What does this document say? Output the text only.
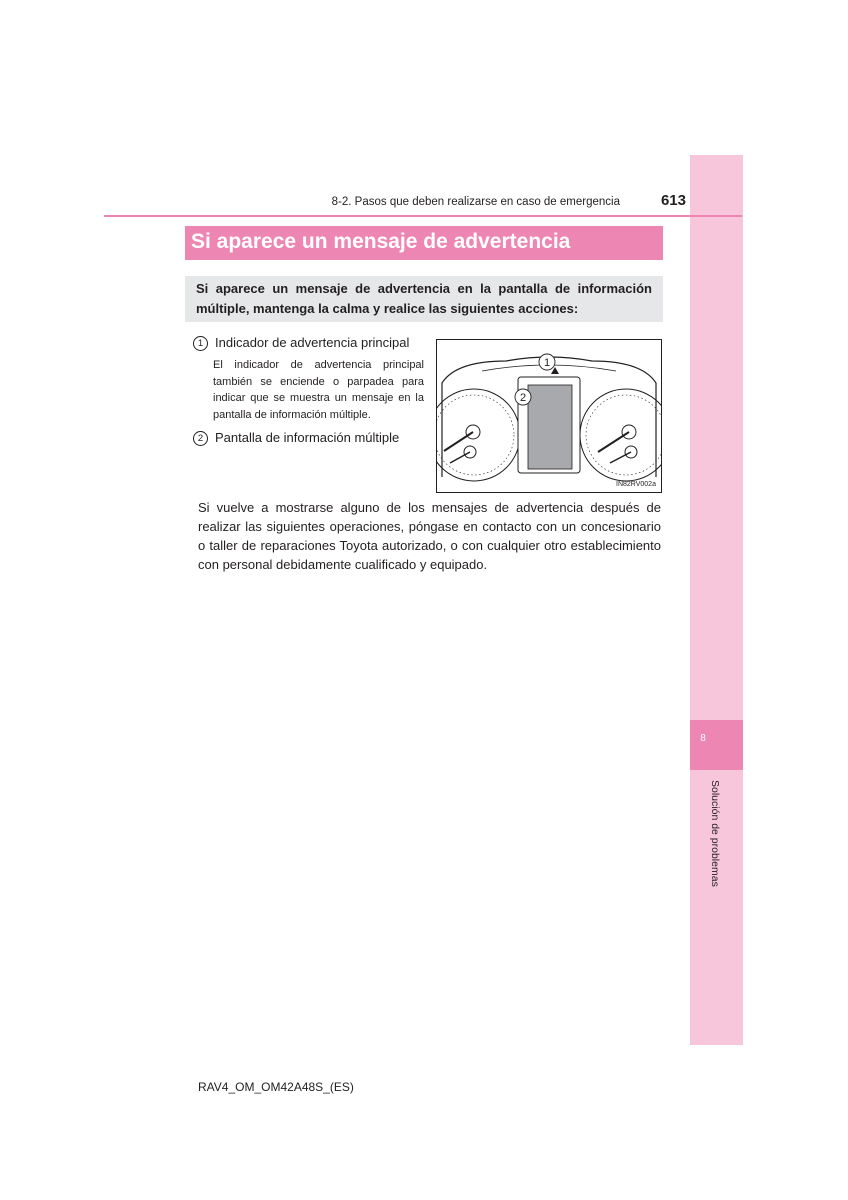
8
Solución de problemas
8-2. Pasos que deben realizarse en caso de emergencia	613
Si aparece un mensaje de advertencia
Si aparece un mensaje de advertencia en la pantalla de información múltiple, mantenga la calma y realice las siguientes acciones:
1 Indicador de advertencia principal
El indicador de advertencia principal también se enciende o parpadea para indicar que se muestra un mensaje en la pantalla de información múltiple.
2 Pantalla de información múltiple
1
2
IN82RV002a
Si vuelve a mostrarse alguno de los mensajes de advertencia después de realizar las siguientes operaciones, póngase en contacto con un concesionario o taller de reparaciones Toyota autorizado, o con cualquier otro establecimiento con personal debidamente cualificado y equipado.
RAV4_OM_OM42A48S_(ES)
